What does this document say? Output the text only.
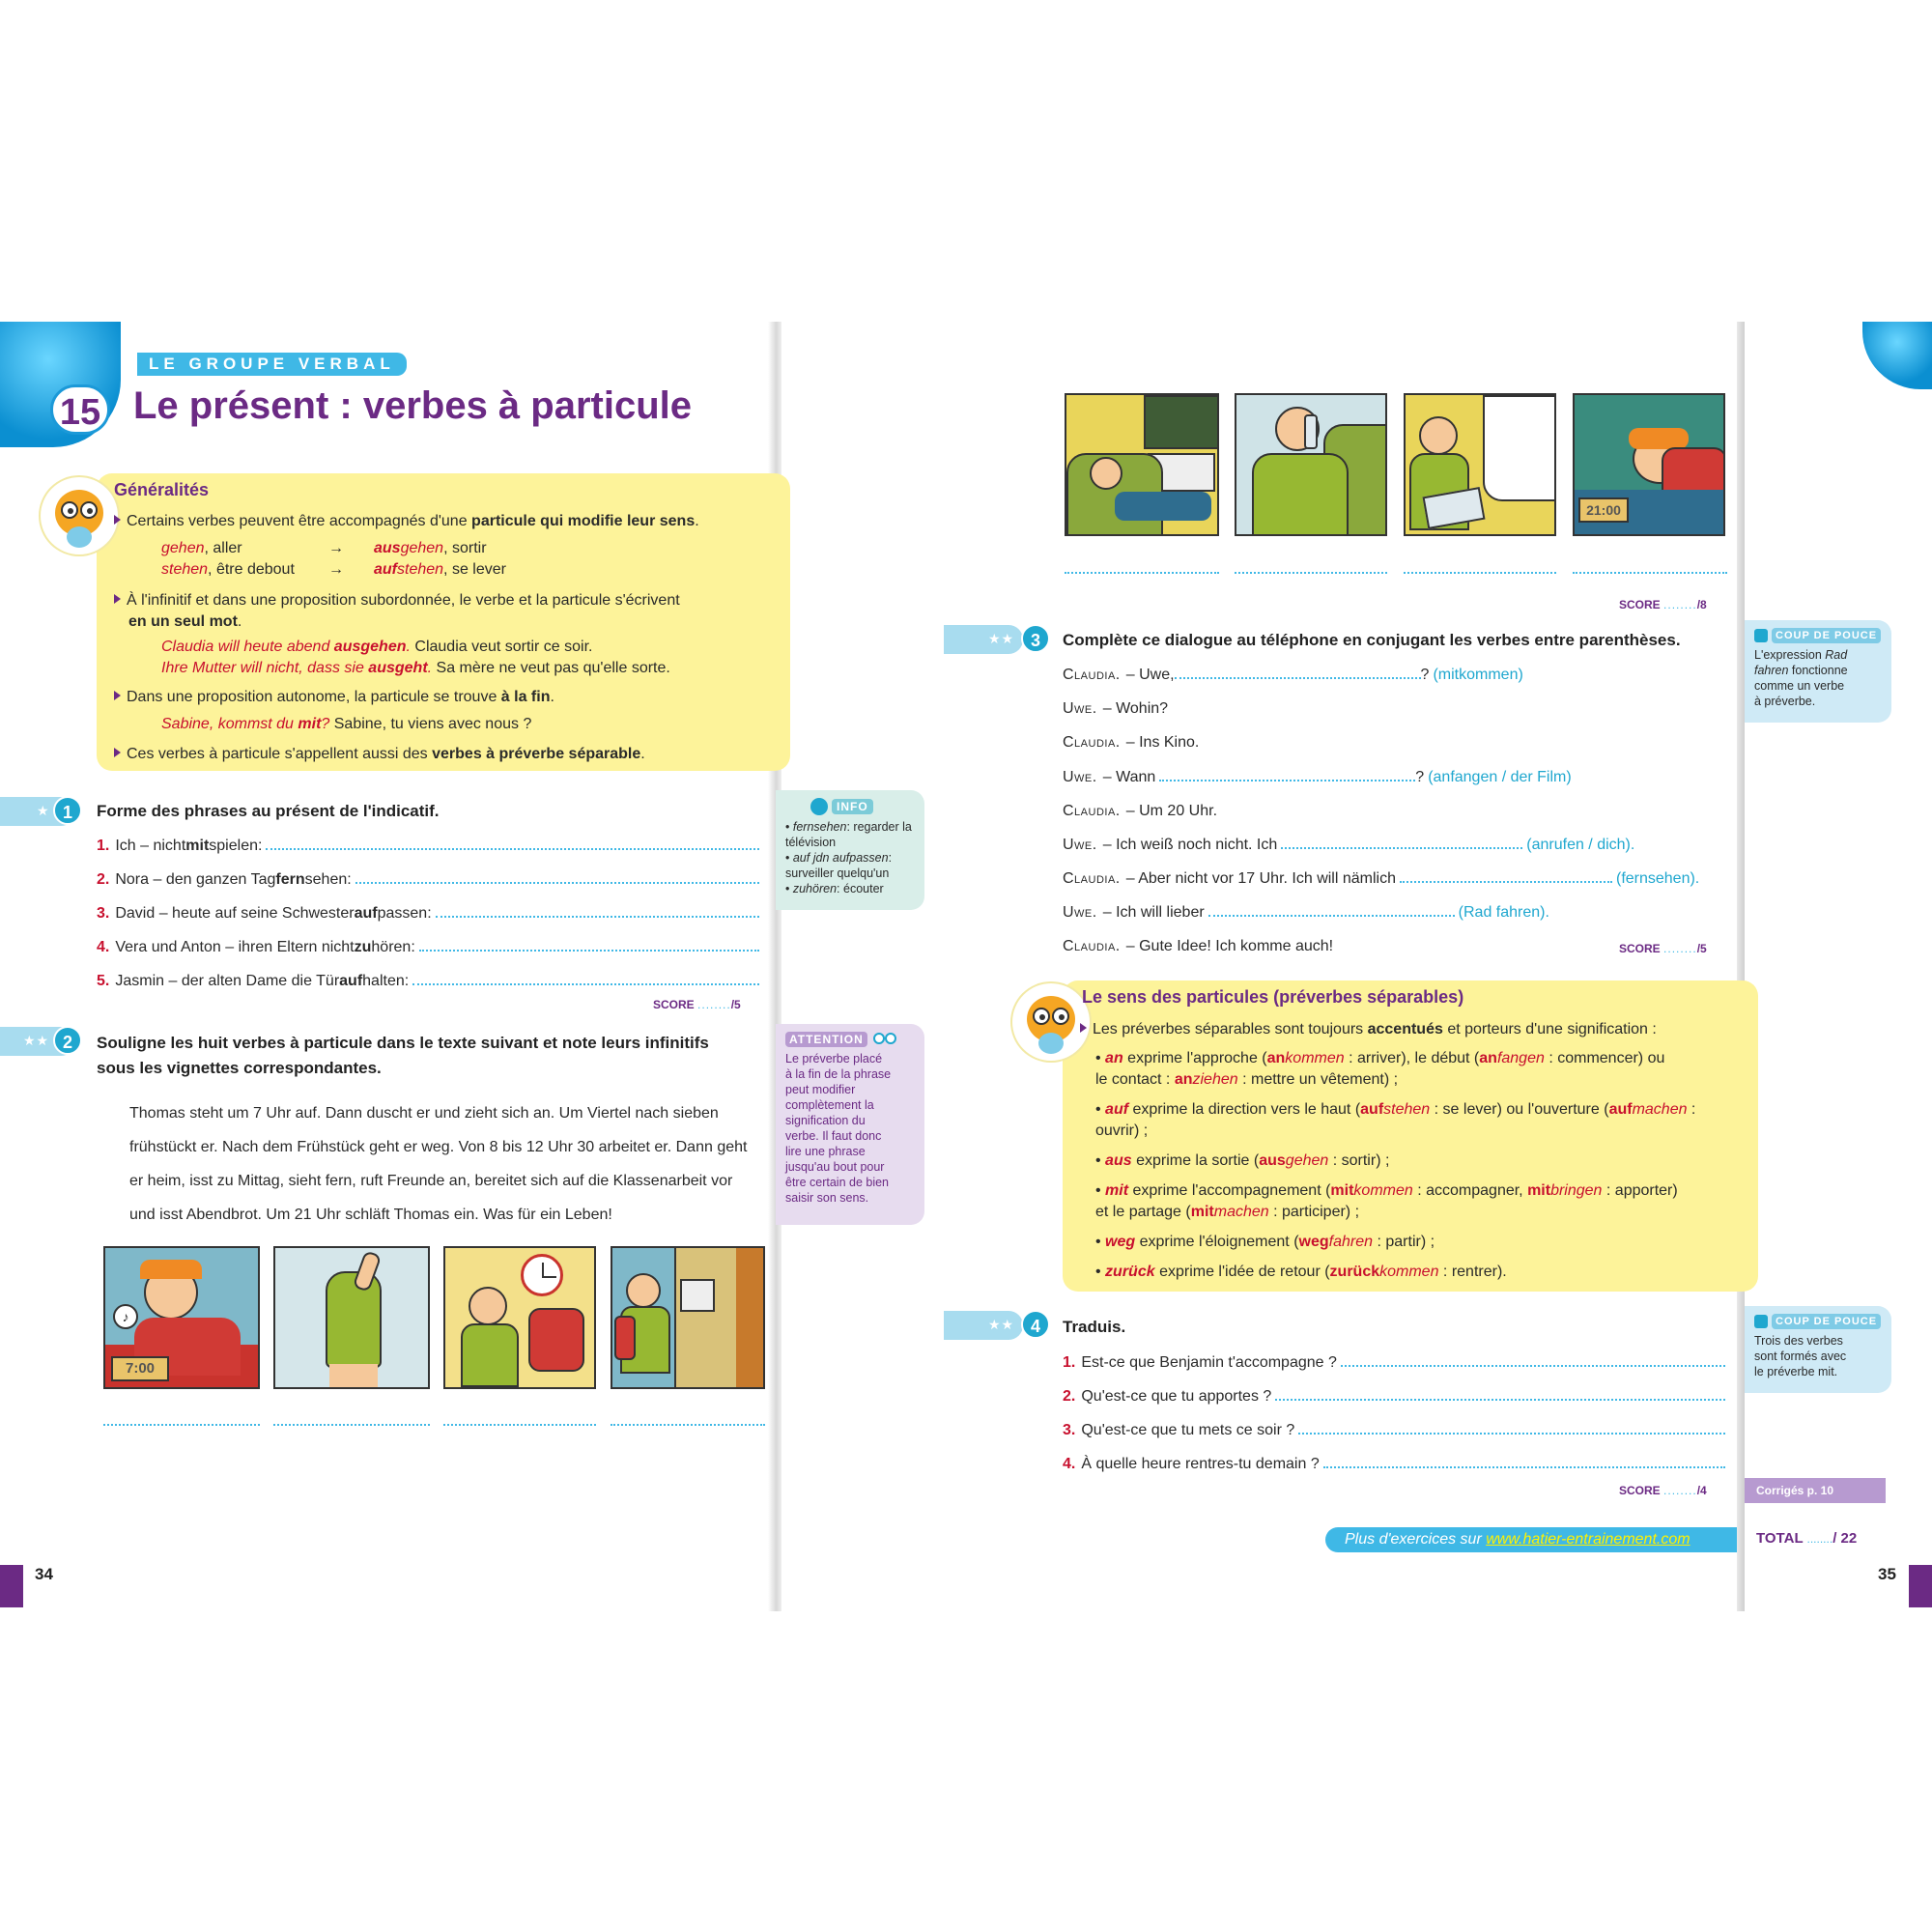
15
LE GROUPE VERBAL
Le présent : verbes à particule
Généralités
Certains verbes peuvent être accompagnés d'une particule qui modifie leur sens.
gehen, aller	→ ausgehen, sortir
stehen, être debout → aufstehen, se lever
À l'infinitif et dans une proposition subordonnée, le verbe et la particule s'écrivent
en un seul mot.
Claudia will heute abend ausgehen. Claudia veut sortir ce soir.
Ihre Mutter will nicht, dass sie ausgeht. Sa mère ne veut pas qu'elle sorte.
Dans une proposition autonome, la particule se trouve à la fin.
Sabine, kommst du mit? Sabine, tu viens avec nous ?
Ces verbes à particule s'appellent aussi des verbes à préverbe séparable.
★ 1	Forme des phrases au présent de l'indicatif.
1. Ich – nicht mit spielen:
2. Nora – den ganzen Tag fern sehen:
3. David – heute auf seine Schwester auf passen:
4. Vera und Anton – ihren Eltern nicht zu hören:
5. Jasmin – der alten Dame die Tür auf halten:
SCORE ......../5
INFO
• fernsehen: regarder la télévision
• auf jdn aufpassen: surveiller quelqu'un
• zuhören: écouter
★★ 2	Souligne les huit verbes à particule dans le texte suivant et note leurs infinitifs
sous les vignettes correspondantes.
Thomas steht um 7 Uhr auf. Dann duscht er und zieht sich an. Um Viertel nach sieben
frühstückt er. Nach dem Frühstück geht er weg. Von 8 bis 12 Uhr 30 arbeitet er. Dann geht
er heim, isst zu Mittag, sieht fern, ruft Freunde an, bereitet sich auf die Klassenarbeit vor
und isst Abendbrot. Um 21 Uhr schläft Thomas ein. Was für ein Leben!
ATTENTION
Le préverbe placé
à la fin de la phrase
peut modifier
complètement la
signification du
verbe. Il faut donc
lire une phrase
jusqu'au bout pour
être certain de bien
saisir son sens.
♪
7:00
34
21:00
SCORE ......../8
★★ 3	Complète ce dialogue au téléphone en conjugant les verbes entre parenthèses.
Claudia. – Uwe,	? (mitkommen)
Uwe. – Wohin?
Claudia. – Ins Kino.
Uwe. – Wann	? (anfangen / der Film)
Claudia. – Um 20 Uhr.
Uwe. – Ich weiß noch nicht. Ich	(anrufen / dich).
Claudia. – Aber nicht vor 17 Uhr. Ich will nämlich	(fernsehen).
Uwe. – Ich will lieber	(Rad fahren).
Claudia. – Gute Idee! Ich komme auch!	SCORE ......../5
COUP DE POUCE
L'expression Rad
fahren fonctionne
comme un verbe
à préverbe.
Le sens des particules (préverbes séparables)
Les préverbes séparables sont toujours accentués et porteurs d'une signification :
• an exprime l'approche (ankommen : arriver), le début (anfangen : commencer) ou
le contact : anziehen : mettre un vêtement) ;
• auf exprime la direction vers le haut (aufstehen : se lever) ou l'ouverture (aufmachen :
ouvrir) ;
• aus exprime la sortie (ausgehen : sortir) ;
• mit exprime l'accompagnement (mitkommen : accompagner, mitbringen : apporter)
et le partage (mitmachen : participer) ;
• weg exprime l'éloignement (wegfahren : partir) ;
• zurück exprime l'idée de retour (zurückkommen : rentrer).
★★ 4	Traduis.
1. Est-ce que Benjamin t'accompagne ?
2. Qu'est-ce que tu apportes ?
3. Qu'est-ce que tu mets ce soir ?
4. À quelle heure rentres-tu demain ?
SCORE ......../4
COUP DE POUCE
Trois des verbes
sont formés avec
le préverbe mit.
Corrigés p. 10
Plus d'exercices sur www.hatier-entrainement.com	TOTAL ......../ 22
35
